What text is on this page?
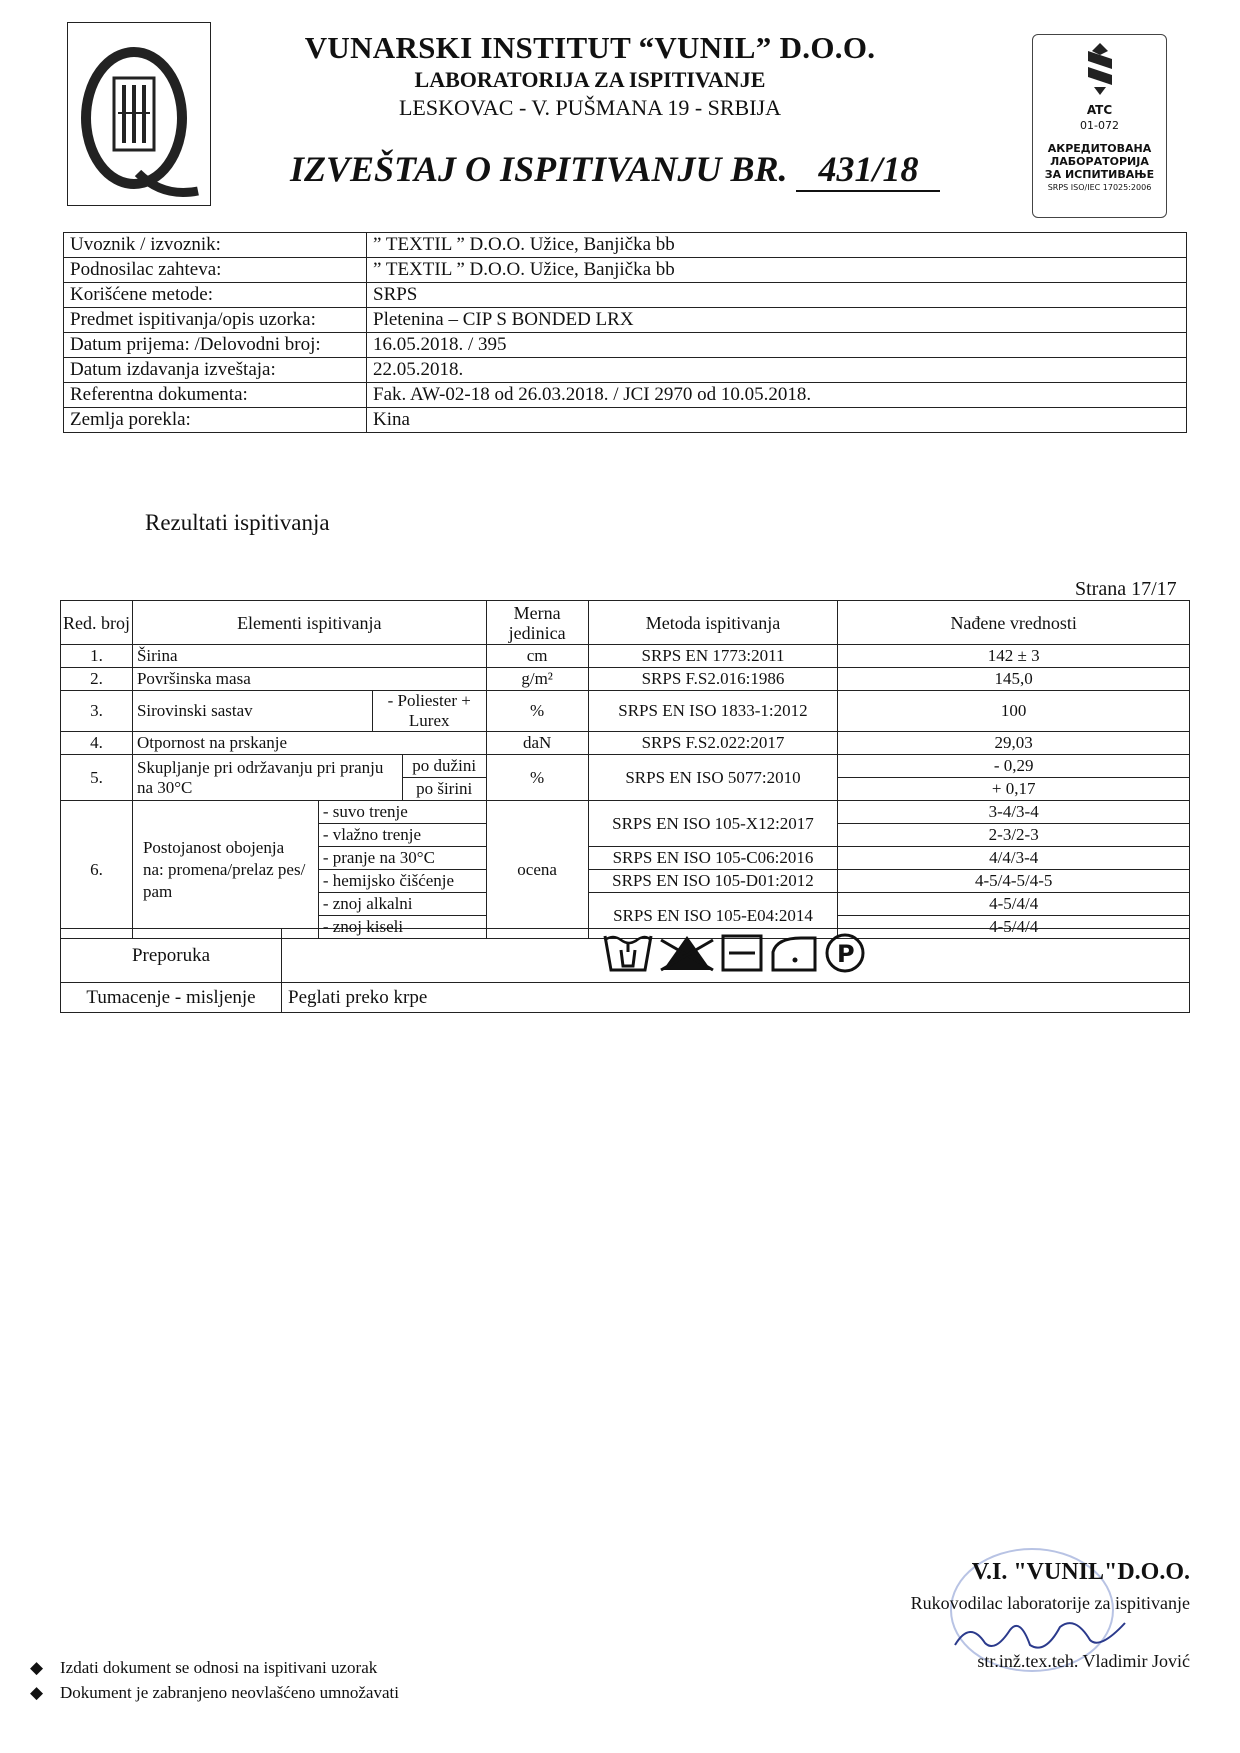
VUNARSKI INSTITUT “VUNIL” D.O.O.
LABORATORIJA ZA ISPITIVANJE
LESKOVAC - V. PUŠMANA 19 - SRBIJA
IZVEŠTAJ O ISPITIVANJU BR. 431/18
ATC
01-072
АКРЕДИТОВАНА
ЛАБОРАТОРИЈА
ЗА ИСПИТИВАЊЕ
SRPS ISO/IEC 17025:2006
Uvoznik / izvoznik:	” TEXTIL ” D.O.O. Užice, Banjička bb
Podnosilac zahteva:	” TEXTIL ” D.O.O. Užice, Banjička bb
Korišćene metode:	SRPS
Predmet ispitivanja/opis uzorka:	Pletenina – CIP S BONDED LRX
Datum prijema: /Delovodni broj:	16.05.2018. / 395
Datum izdavanja izveštaja:	22.05.2018.
Referentna dokumenta:	Fak. AW-02-18 od 26.03.2018. / JCI 2970 od 10.05.2018.
Zemlja porekla:	Kina
Rezultati ispitivanja
Strana 17/17
Red. broj	Elementi ispitivanja				Merna jedinica	Metoda ispitivanja	Nađene vrednosti
1.	Širina				cm	SRPS EN 1773:2011	142 ± 3
2.	Površinska masa				g/m²	SRPS F.S2.016:1986	145,0
3.	Sirovinski sastav		- Poliester + Lurex		%	SRPS EN ISO 1833-1:2012	100
4.	Otpornost na prskanje				daN	SRPS F.S2.022:2017	29,03
5.	Skupljanje pri održavanju pri pranju na 30°C			po dužini	%	SRPS EN ISO 5077:2010	- 0,29
				po širini			+ 0,17
6.	Postojanost obojenja na: promena/prelaz pes/ pam	- suvo trenje			ocena	SRPS EN ISO 105-X12:2017	3-4/3-4
		- vlažno trenje					2-3/2-3
		- pranje na 30°C				SRPS EN ISO 105-C06:2016	4/4/3-4
		- hemijsko čišćenje				SRPS EN ISO 105-D01:2012	4-5/4-5/4-5
		- znoj alkalni				SRPS EN ISO 105-E04:2014	4-5/4/4
		- znoj kiseli					4-5/4/4
Preporuka	P

Tumacenje - misljenje	Peglati preko krpe
V.I. "VUNIL"D.O.O.
Rukovodilac laboratorije za ispitivanje
str.inž.tex.teh. Vladimir Jović
◆ Izdati dokument se odnosi na ispitivani uzorak
◆ Dokument je zabranjeno neovlašćeno umnožavati
